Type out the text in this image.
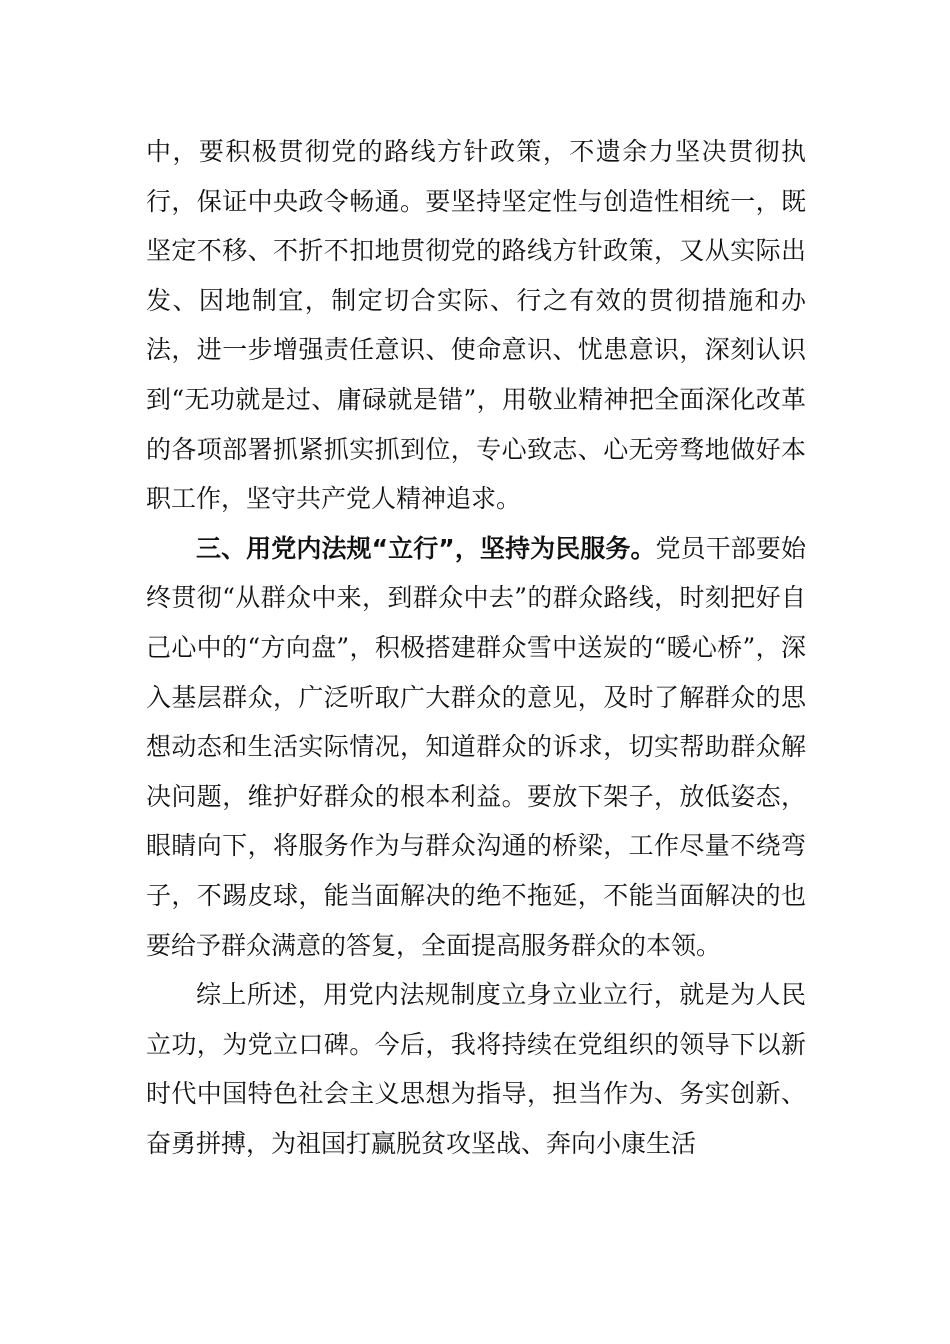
中，要积极贯彻党的路线方针政策，不遗余力坚决贯彻执行，保证中央政令畅通。要坚持坚定性与创造性相统一，既坚定不移、不折不扣地贯彻党的路线方针政策，又从实际出发、因地制宜，制定切合实际、行之有效的贯彻措施和办法，进一步增强责任意识、使命意识、忧患意识，深刻认识到“无功就是过、庸碌就是错”，用敬业精神把全面深化改革的各项部署抓紧抓实抓到位，专心致志、心无旁骛地做好本职工作，坚守共产党人精神追求。

三、用党内法规“立行”，坚持为民服务。党员干部要始终贯彻“从群众中来，到群众中去”的群众路线，时刻把好自己心中的“方向盘”，积极搭建群众雪中送炭的“暖心桥”，深入基层群众，广泛听取广大群众的意见，及时了解群众的思想动态和生活实际情况，知道群众的诉求，切实帮助群众解决问题，维护好群众的根本利益。要放下架子，放低姿态，眼睛向下，将服务作为与群众沟通的桥梁，工作尽量不绕弯子，不踢皮球，能当面解决的绝不拖延，不能当面解决的也要给予群众满意的答复，全面提高服务群众的本领。

综上所述，用党内法规制度立身立业立行，就是为人民立功，为党立口碑。今后，我将持续在党组织的领导下以新时代中国特色社会主义思想为指导，担当作为、务实创新、奋勇拼搏，为祖国打赢脱贫攻坚战、奔向小康生活
